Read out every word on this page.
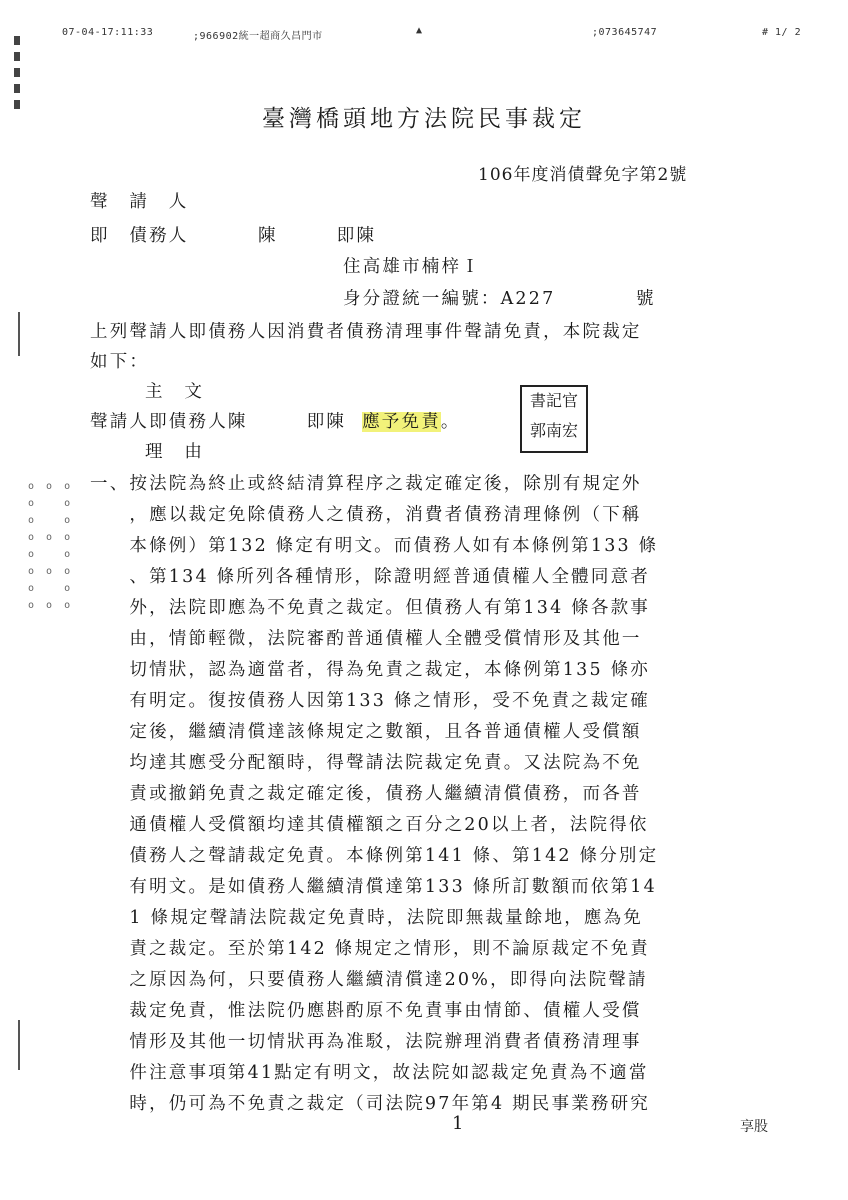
07-04-17:11:33	;966902統一超商久昌門市
▲	;073645747	# 1/ 2
o  o  o
o     o
o     o
o  o  o
o     o
o  o  o
o     o
o  o  o
臺灣橋頭地方法院民事裁定
106年度消債聲免字第2號
聲　請　人
即　債務人	陳　　　即陳
住高雄市楠梓Ｉ
身分證統一編號：A227	號
上列聲請人即債務人因消費者債務清理事件聲請免責，本院裁定
如下：
主　文
聲請人即債務人陳　　　即陳 應予免責。
書記官
郭南宏
理　由
一、按法院為終止或終結清算程序之裁定確定後，除別有規定外
　　，應以裁定免除債務人之債務，消費者債務清理條例（下稱
　　本條例）第132 條定有明文。而債務人如有本條例第133 條
　　、第134 條所列各種情形，除證明經普通債權人全體同意者
　　外，法院即應為不免責之裁定。但債務人有第134 條各款事
　　由，情節輕微，法院審酌普通債權人全體受償情形及其他一
　　切情狀，認為適當者，得為免責之裁定，本條例第135 條亦
　　有明定。復按債務人因第133 條之情形，受不免責之裁定確
　　定後，繼續清償達該條規定之數額，且各普通債權人受償額
　　均達其應受分配額時，得聲請法院裁定免責。又法院為不免
　　責或撤銷免責之裁定確定後，債務人繼續清償債務，而各普
　　通債權人受償額均達其債權額之百分之20以上者，法院得依
　　債務人之聲請裁定免責。本條例第141 條、第142 條分別定
　　有明文。是如債務人繼續清償達第133 條所訂數額而依第14
　　1 條規定聲請法院裁定免責時，法院即無裁量餘地，應為免
　　責之裁定。至於第142 條規定之情形，則不論原裁定不免責
　　之原因為何，只要債務人繼續清償達20%，即得向法院聲請
　　裁定免責，惟法院仍應斟酌原不免責事由情節、債權人受償
　　情形及其他一切情狀再為准駁，法院辦理消費者債務清理事
　　件注意事項第41點定有明文，故法院如認裁定免責為不適當
　　時，仍可為不免責之裁定（司法院97年第4 期民事業務研究
1	享股
